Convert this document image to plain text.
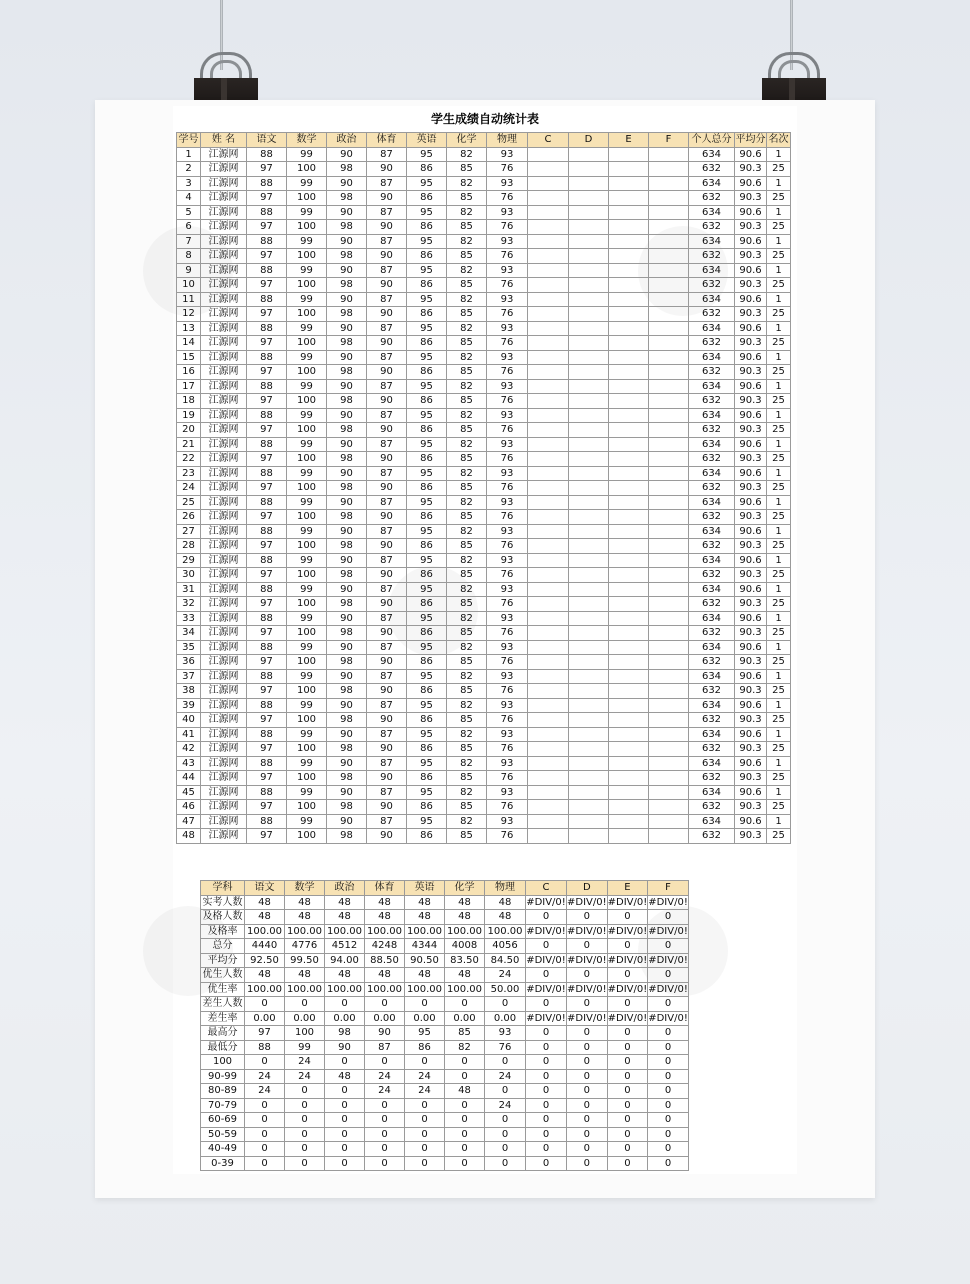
学生成绩自动统计表
学号	姓 名	语文	数学	政治	体育	英语	化学	物理	C	D	E	F	个人总分	平均分	名次
1	江源网	88	99	90	87	95	82	93					634	90.6	1
2	江源网	97	100	98	90	86	85	76					632	90.3	25
3	江源网	88	99	90	87	95	82	93					634	90.6	1
4	江源网	97	100	98	90	86	85	76					632	90.3	25
5	江源网	88	99	90	87	95	82	93					634	90.6	1
6	江源网	97	100	98	90	86	85	76					632	90.3	25
7	江源网	88	99	90	87	95	82	93					634	90.6	1
8	江源网	97	100	98	90	86	85	76					632	90.3	25
9	江源网	88	99	90	87	95	82	93					634	90.6	1
10	江源网	97	100	98	90	86	85	76					632	90.3	25
11	江源网	88	99	90	87	95	82	93					634	90.6	1
12	江源网	97	100	98	90	86	85	76					632	90.3	25
13	江源网	88	99	90	87	95	82	93					634	90.6	1
14	江源网	97	100	98	90	86	85	76					632	90.3	25
15	江源网	88	99	90	87	95	82	93					634	90.6	1
16	江源网	97	100	98	90	86	85	76					632	90.3	25
17	江源网	88	99	90	87	95	82	93					634	90.6	1
18	江源网	97	100	98	90	86	85	76					632	90.3	25
19	江源网	88	99	90	87	95	82	93					634	90.6	1
20	江源网	97	100	98	90	86	85	76					632	90.3	25
21	江源网	88	99	90	87	95	82	93					634	90.6	1
22	江源网	97	100	98	90	86	85	76					632	90.3	25
23	江源网	88	99	90	87	95	82	93					634	90.6	1
24	江源网	97	100	98	90	86	85	76					632	90.3	25
25	江源网	88	99	90	87	95	82	93					634	90.6	1
26	江源网	97	100	98	90	86	85	76					632	90.3	25
27	江源网	88	99	90	87	95	82	93					634	90.6	1
28	江源网	97	100	98	90	86	85	76					632	90.3	25
29	江源网	88	99	90	87	95	82	93					634	90.6	1
30	江源网	97	100	98	90	86	85	76					632	90.3	25
31	江源网	88	99	90	87	95	82	93					634	90.6	1
32	江源网	97	100	98	90	86	85	76					632	90.3	25
33	江源网	88	99	90	87	95	82	93					634	90.6	1
34	江源网	97	100	98	90	86	85	76					632	90.3	25
35	江源网	88	99	90	87	95	82	93					634	90.6	1
36	江源网	97	100	98	90	86	85	76					632	90.3	25
37	江源网	88	99	90	87	95	82	93					634	90.6	1
38	江源网	97	100	98	90	86	85	76					632	90.3	25
39	江源网	88	99	90	87	95	82	93					634	90.6	1
40	江源网	97	100	98	90	86	85	76					632	90.3	25
41	江源网	88	99	90	87	95	82	93					634	90.6	1
42	江源网	97	100	98	90	86	85	76					632	90.3	25
43	江源网	88	99	90	87	95	82	93					634	90.6	1
44	江源网	97	100	98	90	86	85	76					632	90.3	25
45	江源网	88	99	90	87	95	82	93					634	90.6	1
46	江源网	97	100	98	90	86	85	76					632	90.3	25
47	江源网	88	99	90	87	95	82	93					634	90.6	1
48	江源网	97	100	98	90	86	85	76					632	90.3	25
学科	语文	数学	政治	体育	英语	化学	物理	C	D	E	F
实考人数	48	48	48	48	48	48	48	#DIV/0!	#DIV/0!	#DIV/0!	#DIV/0!
及格人数	48	48	48	48	48	48	48	0	0	0	0
及格率	100.00	100.00	100.00	100.00	100.00	100.00	100.00	#DIV/0!	#DIV/0!	#DIV/0!	#DIV/0!
总分	4440	4776	4512	4248	4344	4008	4056	0	0	0	0
平均分	92.50	99.50	94.00	88.50	90.50	83.50	84.50	#DIV/0!	#DIV/0!	#DIV/0!	#DIV/0!
优生人数	48	48	48	48	48	48	24	0	0	0	0
优生率	100.00	100.00	100.00	100.00	100.00	100.00	50.00	#DIV/0!	#DIV/0!	#DIV/0!	#DIV/0!
差生人数	0	0	0	0	0	0	0	0	0	0	0
差生率	0.00	0.00	0.00	0.00	0.00	0.00	0.00	#DIV/0!	#DIV/0!	#DIV/0!	#DIV/0!
最高分	97	100	98	90	95	85	93	0	0	0	0
最低分	88	99	90	87	86	82	76	0	0	0	0
100	0	24	0	0	0	0	0	0	0	0	0
90-99	24	24	48	24	24	0	24	0	0	0	0
80-89	24	0	0	24	24	48	0	0	0	0	0
70-79	0	0	0	0	0	0	24	0	0	0	0
60-69	0	0	0	0	0	0	0	0	0	0	0
50-59	0	0	0	0	0	0	0	0	0	0	0
40-49	0	0	0	0	0	0	0	0	0	0	0
0-39	0	0	0	0	0	0	0	0	0	0	0
